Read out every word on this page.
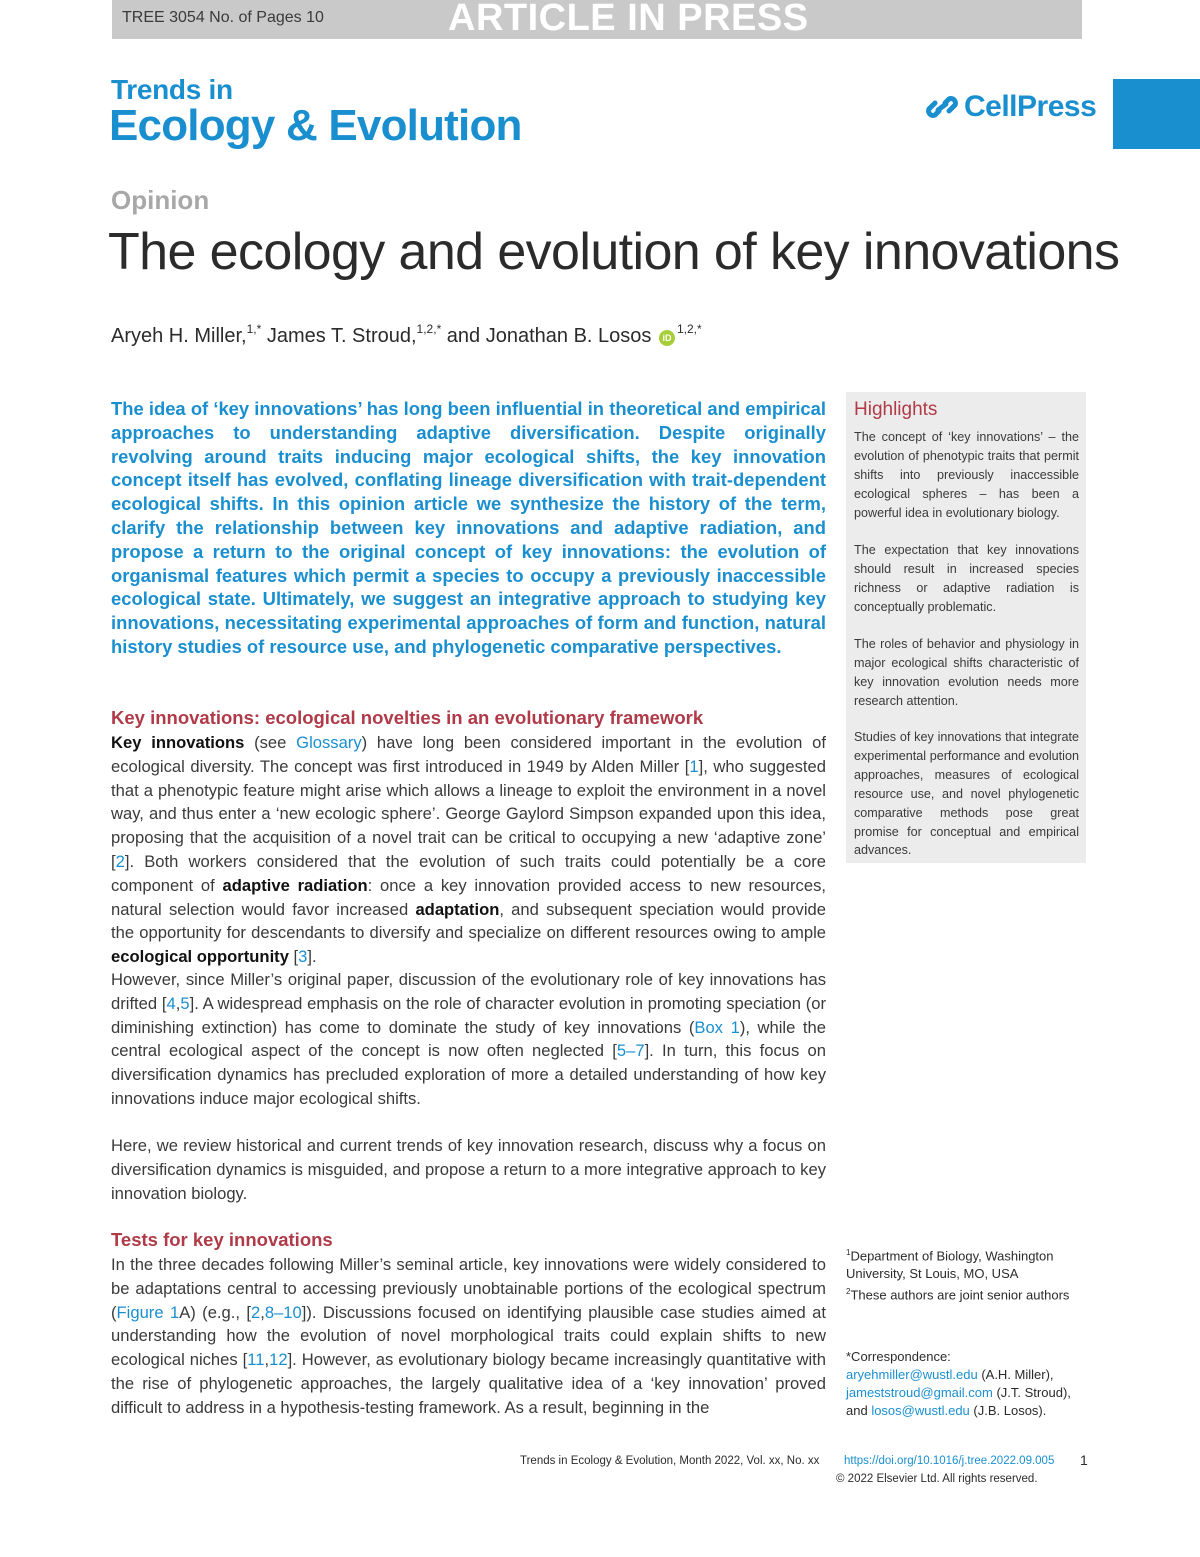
TREE 3054 No. of Pages 10	ARTICLE IN PRESS
Trends in
Ecology & Evolution	CellPress
Opinion
The ecology and evolution of key innovations
Aryeh H. Miller,$^{1,*}$ James T. Stroud,$^{1,2,*}$ and Jonathan B. Losos $iD^{1,2,*}$
The idea of ‘key innovations’ has long been influential in theoretical and empirical approaches to understanding adaptive diversification. Despite originally revolving around traits inducing major ecological shifts, the key innovation concept itself has evolved, conflating lineage diversification with trait-dependent ecological shifts. In this opinion article we synthesize the history of the term, clarify the relationship between key innovations and adaptive radiation, and propose a return to the original concept of key innovations: the evolution of organismal features which permit a species to occupy a previously inaccessible ecological state. Ultimately, we suggest an integrative approach to studying key innovations, necessitating experimental approaches of form and function, natural history studies of resource use, and phylogenetic comparative perspectives.
Highlights
The concept of ‘key innovations’ – the evolution of phenotypic traits that permit shifts into previously inaccessible ecological spheres – has been a powerful idea in evolutionary biology.
The expectation that key innovations should result in increased species richness or adaptive radiation is conceptually problematic.
The roles of behavior and physiology in major ecological shifts characteristic of key innovation evolution needs more research attention.
Studies of key innovations that integrate experimental performance and evolution approaches, measures of ecological resource use, and novel phylogenetic comparative methods pose great promise for conceptual and empirical advances.
Key innovations: ecological novelties in an evolutionary framework
Key innovations (see Glossary) have long been considered important in the evolution of ecological diversity. The concept was first introduced in 1949 by Alden Miller [1], who suggested that a phenotypic feature might arise which allows a lineage to exploit the environment in a novel way, and thus enter a ‘new ecologic sphere’. George Gaylord Simpson expanded upon this idea, proposing that the acquisition of a novel trait can be critical to occupying a new ‘adaptive zone’ [2]. Both workers considered that the evolution of such traits could potentially be a core component of adaptive radiation: once a key innovation provided access to new resources, natural selection would favor increased adaptation, and subsequent speciation would provide the opportunity for descendants to diversify and specialize on different resources owing to ample ecological opportunity [3].
However, since Miller’s original paper, discussion of the evolutionary role of key innovations has drifted [4,5]. A widespread emphasis on the role of character evolution in promoting speciation (or diminishing extinction) has come to dominate the study of key innovations (Box 1), while the central ecological aspect of the concept is now often neglected [5–7]. In turn, this focus on diversification dynamics has precluded exploration of more a detailed understanding of how key innovations induce major ecological shifts.
Here, we review historical and current trends of key innovation research, discuss why a focus on diversification dynamics is misguided, and propose a return to a more integrative approach to key innovation biology.
Tests for key innovations
In the three decades following Miller’s seminal article, key innovations were widely considered to be adaptations central to accessing previously unobtainable portions of the ecological spectrum (Figure 1A) (e.g., [2,8–10]). Discussions focused on identifying plausible case studies aimed at understanding how the evolution of novel morphological traits could explain shifts to new ecological niches [11,12]. However, as evolutionary biology became increasingly quantitative with the rise of phylogenetic approaches, the largely qualitative idea of a ‘key innovation’ proved difficult to address in a hypothesis-testing framework. As a result, beginning in the
$^1$Department of Biology, Washington University, St Louis, MO, USA
$^2$These authors are joint senior authors
*Correspondence:
aryehmiller@wustl.edu (A.H. Miller),
jameststroud@gmail.com (J.T. Stroud),
and losos@wustl.edu (J.B. Losos).
Trends in Ecology & Evolution, Month 2022, Vol. xx, No. xx https://doi.org/10.1016/j.tree.2022.09.005 1
© 2022 Elsevier Ltd. All rights reserved.
